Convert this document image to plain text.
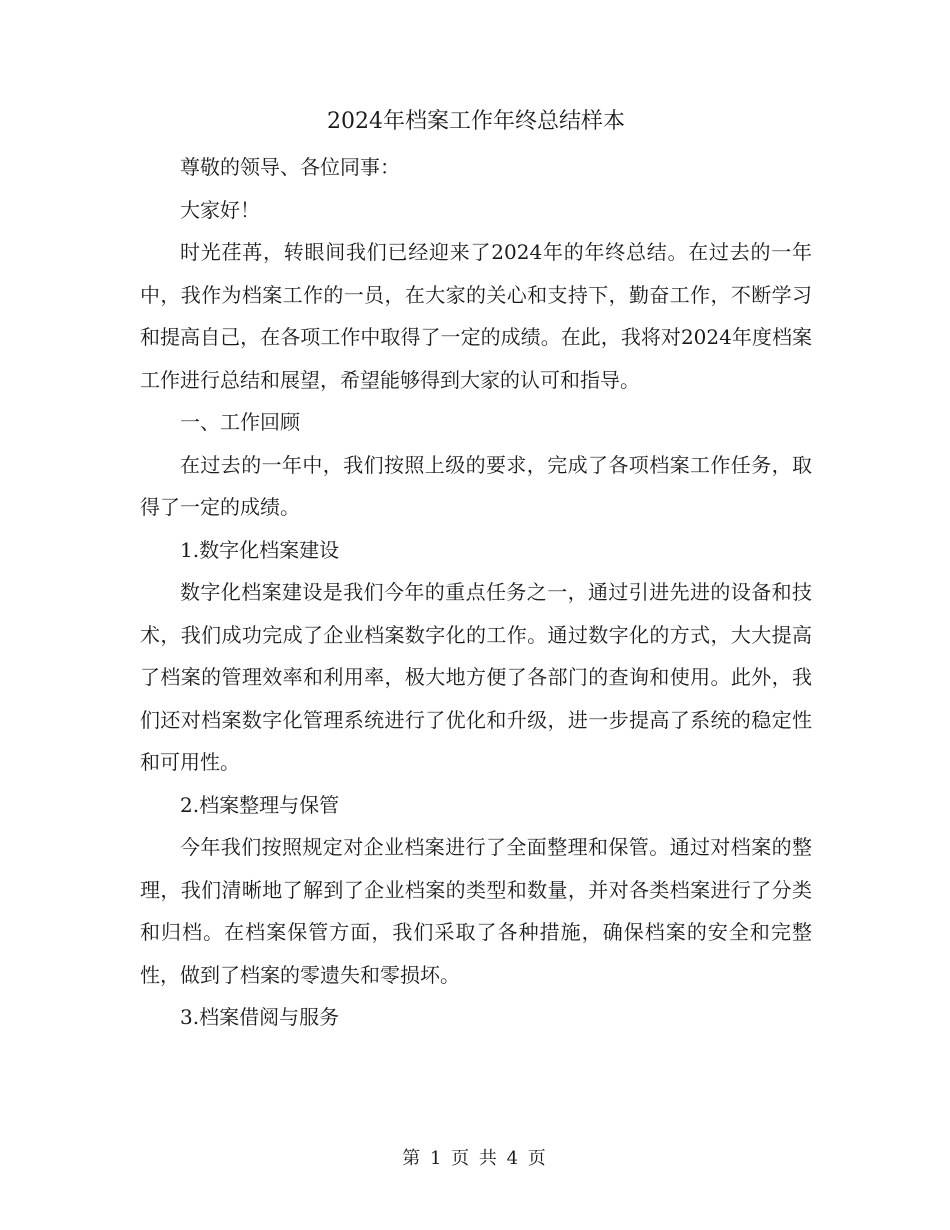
2024年档案工作年终总结样本

尊敬的领导、各位同事：

大家好！

时光荏苒，转眼间我们已经迎来了2024年的年终总结。在过去的一年中，我作为档案工作的一员，在大家的关心和支持下，勤奋工作，不断学习和提高自己，在各项工作中取得了一定的成绩。在此，我将对2024年度档案工作进行总结和展望，希望能够得到大家的认可和指导。

一、工作回顾

在过去的一年中，我们按照上级的要求，完成了各项档案工作任务，取得了一定的成绩。

1.数字化档案建设

数字化档案建设是我们今年的重点任务之一，通过引进先进的设备和技术，我们成功完成了企业档案数字化的工作。通过数字化的方式，大大提高了档案的管理效率和利用率，极大地方便了各部门的查询和使用。此外，我们还对档案数字化管理系统进行了优化和升级，进一步提高了系统的稳定性和可用性。

2.档案整理与保管

今年我们按照规定对企业档案进行了全面整理和保管。通过对档案的整理，我们清晰地了解到了企业档案的类型和数量，并对各类档案进行了分类和归档。在档案保管方面，我们采取了各种措施，确保档案的安全和完整性，做到了档案的零遗失和零损坏。

3.档案借阅与服务

第 1 页 共 4 页
